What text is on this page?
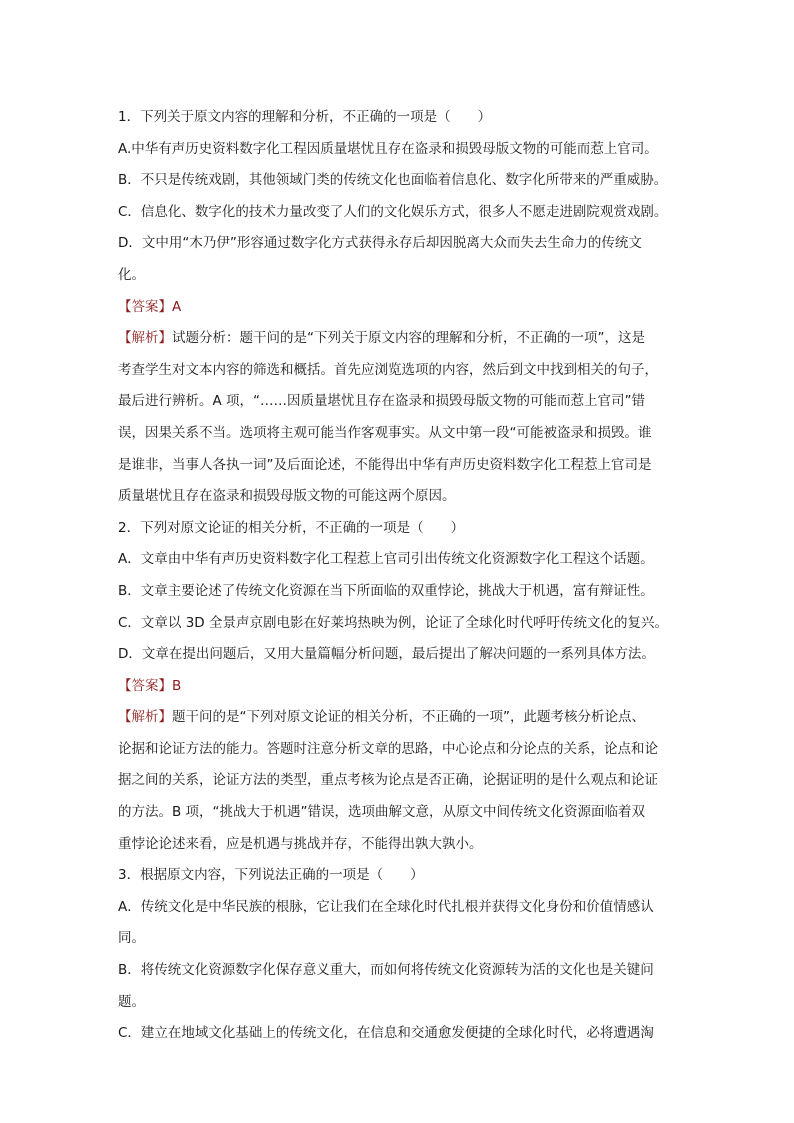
1．下列关于原文内容的理解和分析，不正确的一项是（　　）
A.中华有声历史资料数字化工程因质量堪忧且存在盗录和损毁母版文物的可能而惹上官司。
B．不只是传统戏剧，其他领域门类的传统文化也面临着信息化、数字化所带来的严重威胁。
C．信息化、数字化的技术力量改变了人们的文化娱乐方式，很多人不愿走进剧院观赏戏剧。
D．文中用“木乃伊”形容通过数字化方式获得永存后却因脱离大众而失去生命力的传统文
化。
【答案】A
【解析】试题分析：题干问的是“下列关于原文内容的理解和分析，不正确的一项”，这是
考查学生对文本内容的筛选和概括。首先应浏览选项的内容，然后到文中找到相关的句子，
最后进行辨析。A 项，“……因质量堪忧且存在盗录和损毁母版文物的可能而惹上官司”错
误，因果关系不当。选项将主观可能当作客观事实。从文中第一段“可能被盗录和损毁。谁
是谁非，当事人各执一词”及后面论述，不能得出中华有声历史资料数字化工程惹上官司是
质量堪忧且存在盗录和损毁母版文物的可能这两个原因。
2．下列对原文论证的相关分析，不正确的一项是（　　）
A．文章由中华有声历史资料数字化工程惹上官司引出传统文化资源数字化工程这个话题。
B．文章主要论述了传统文化资源在当下所面临的双重悖论，挑战大于机遇，富有辩证性。
C．文章以 3D 全景声京剧电影在好莱坞热映为例，论证了全球化时代呼吁传统文化的复兴。
D．文章在提出问题后，又用大量篇幅分析问题，最后提出了解决问题的一系列具体方法。
【答案】B
【解析】题干问的是“下列对原文论证的相关分析，不正确的一项”，此题考核分析论点、
论据和论证方法的能力。答题时注意分析文章的思路，中心论点和分论点的关系，论点和论
据之间的关系，论证方法的类型，重点考核为论点是否正确，论据证明的是什么观点和论证
的方法。B 项，“挑战大于机遇”错误，选项曲解文意，从原文中间传统文化资源面临着双
重悖论论述来看，应是机遇与挑战并存，不能得出孰大孰小。
3．根据原文内容，下列说法正确的一项是（　　）
A．传统文化是中华民族的根脉，它让我们在全球化时代扎根并获得文化身份和价值情感认
同。
B．将传统文化资源数字化保存意义重大，而如何将传统文化资源转为活的文化也是关键问
题。
C．建立在地域文化基础上的传统文化，在信息和交通愈发便捷的全球化时代，必将遭遇淘
